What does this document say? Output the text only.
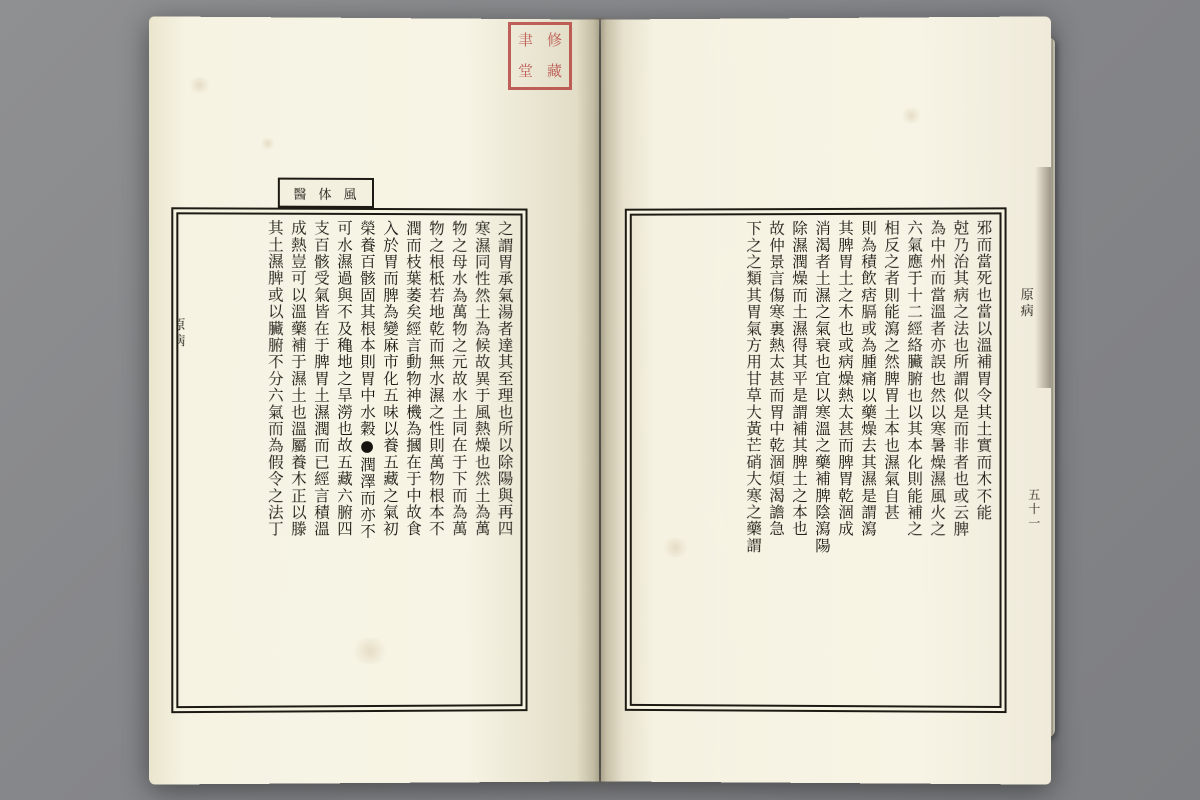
醫 体 風
原病	之謂胃承氣湯者達其至理也所以除陽與再四
寒濕同性然土為候故異于風熱燥也然土為萬
物之母水為萬物之元故水土同在于下而為萬
物之根柢若地乾而無水濕之性則萬物根本不
潤而枝葉萎矣經言動物神機為摑在于中故食
入於胃而脾為變麻市化五味以養五藏之氣初
榮養百骸固其根本則胃中水穀●潤澤而亦不
可水濕過與不及穐地之旱澇也故五藏六腑四
支百骸受氣皆在于脾胃土濕潤而已經言積溫
成熱豈可以溫藥補于濕土也溫屬養木正以滕
其土濕脾或以臟腑不分六氣而為假令之法丁	原病
五十一
邪而當死也當以溫補胃令其土實而木不能
尅乃治其病之法也所謂似是而非者也或云脾
為中州而當溫者亦誤也然以寒暑燥濕風火之
六氣應于十二經絡臟腑也以其本化則能補之
相反之者則能瀉之然脾胃土本也濕氣自甚
則為積飲痞膈或為腫痛以藥燥去其濕是謂瀉
其脾胃土之木也或病燥熱太甚而脾胃乾涸成
消渴者土濕之氣衰也宜以寒溫之藥補脾陰瀉陽
除濕潤燥而土濕得其平是謂補其脾土之本也
故仲景言傷寒裏熱太甚而胃中乾涸煩渴譫急
下之之類其胃氣方用甘草大黃芒硝大寒之藥謂
聿 修
堂 藏
